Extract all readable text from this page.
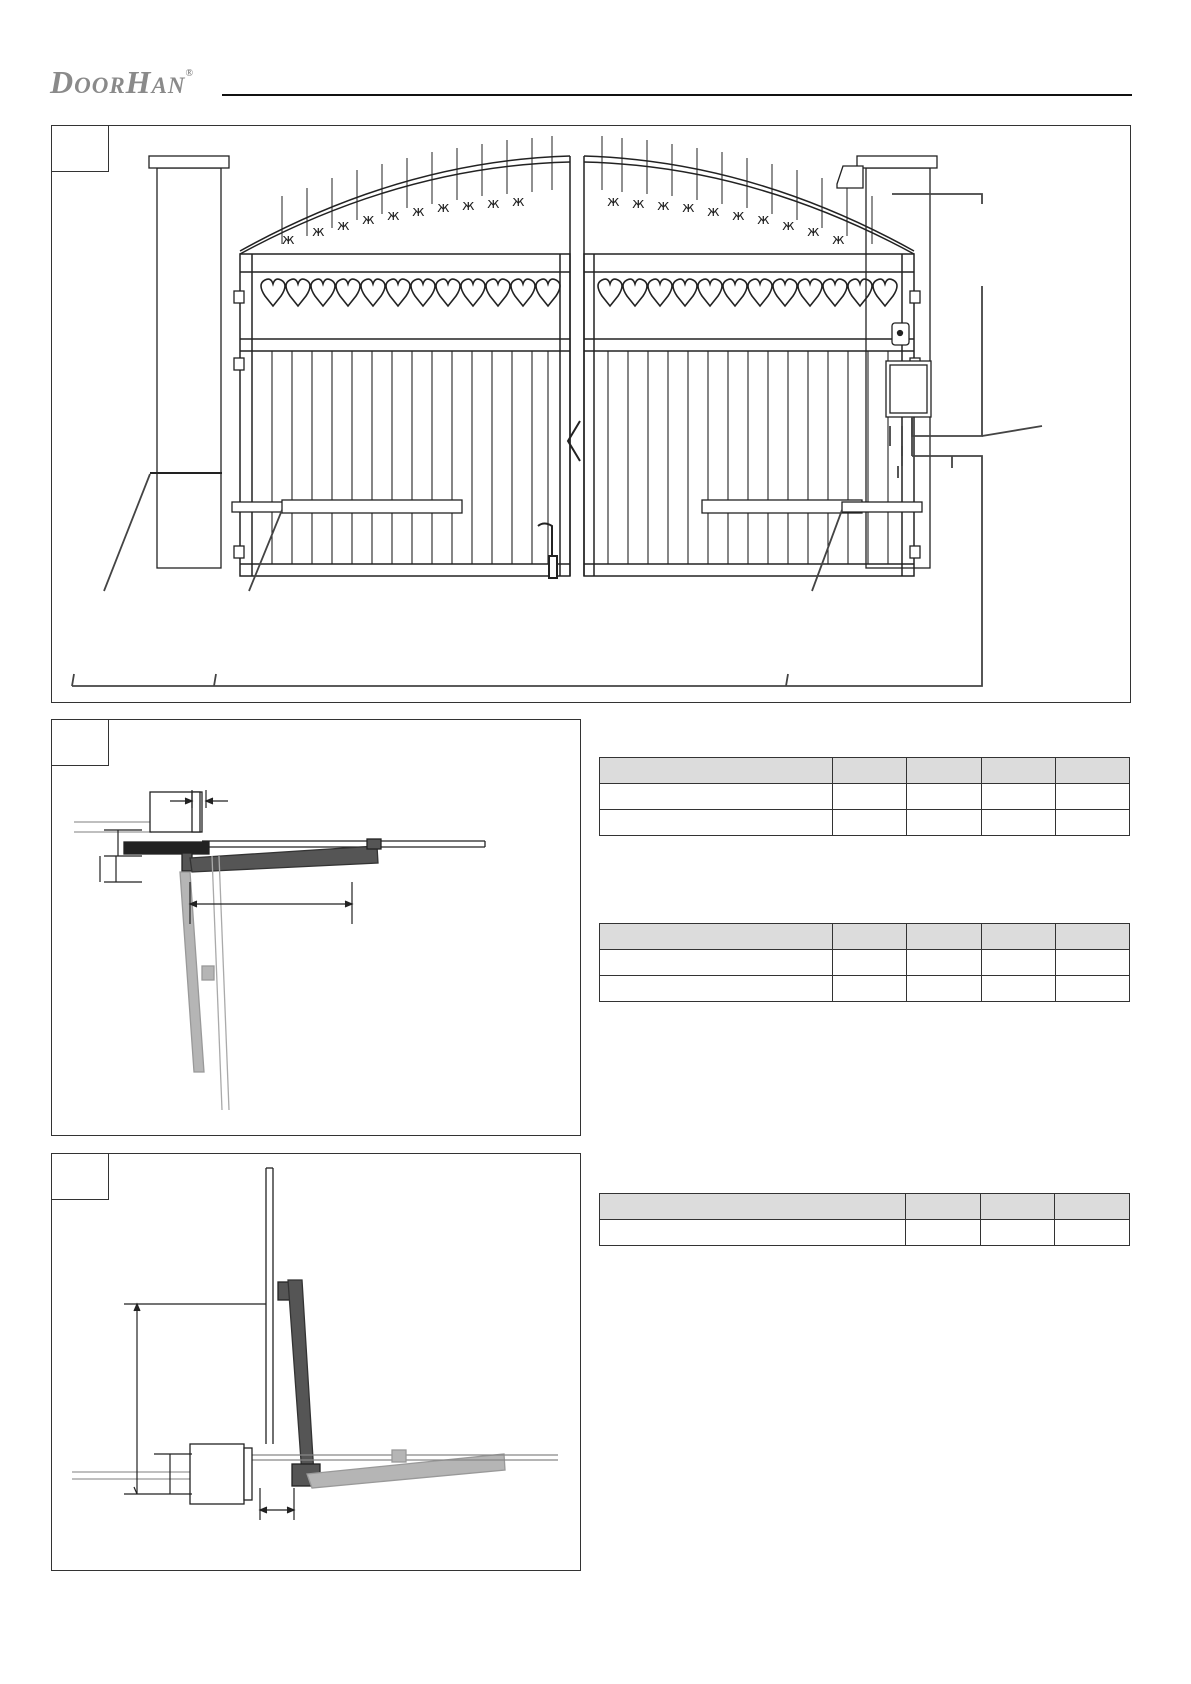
DOORHAN®
ж ж ж ж ж ж ж ж ж ж	ж ж ж ж ж ж ж ж ж ж
